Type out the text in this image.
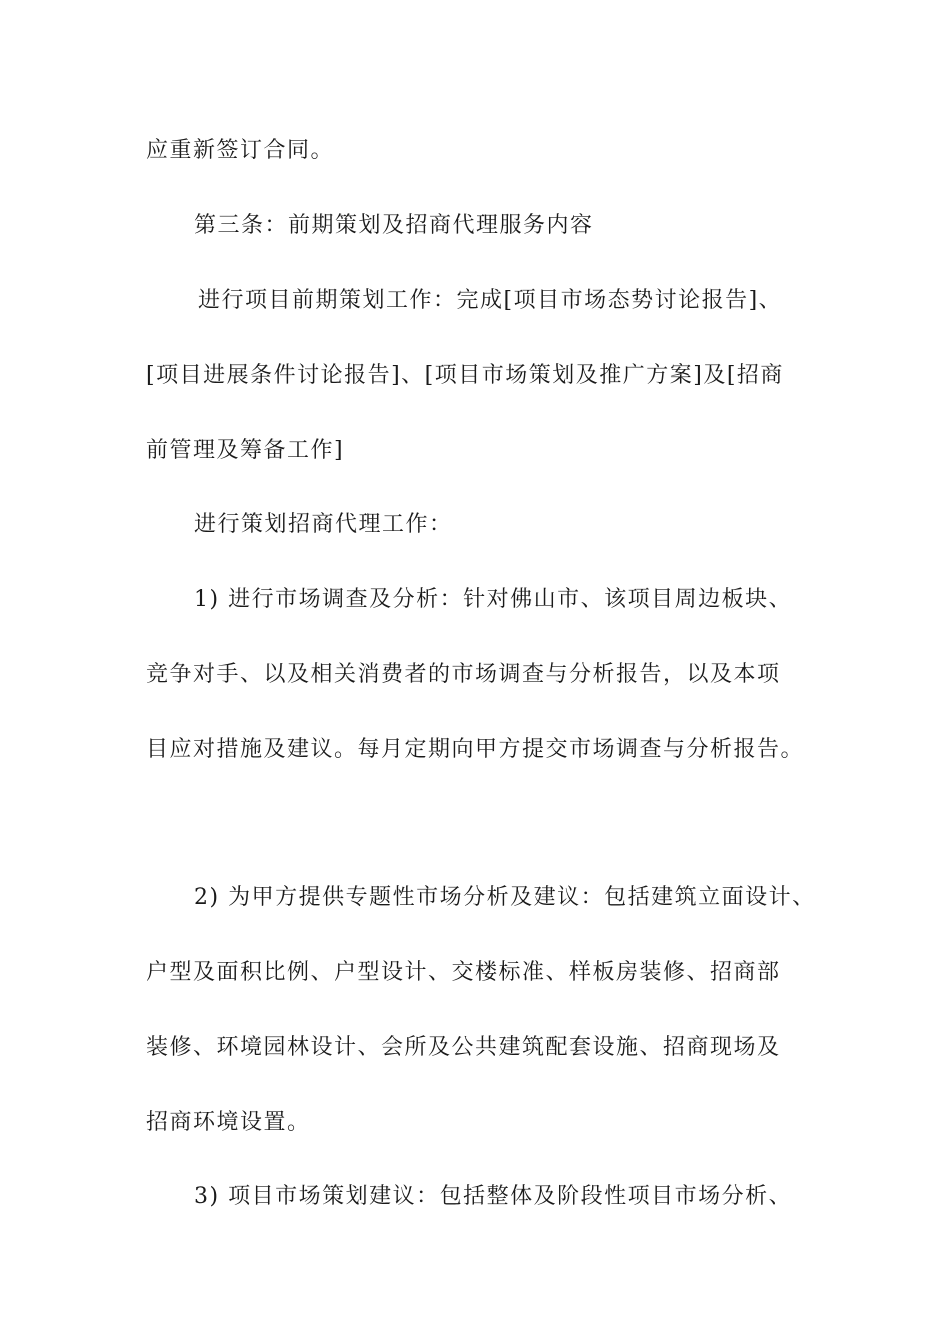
应重新签订合同。
第三条：前期策划及招商代理服务内容
进行项目前期策划工作：完成[项目市场态势讨论报告]、
[项目进展条件讨论报告]、[项目市场策划及推广方案]及[招商
前管理及筹备工作]
进行策划招商代理工作：
1) 进行市场调查及分析：针对佛山市、该项目周边板块、
竞争对手、以及相关消费者的市场调查与分析报告，以及本项
目应对措施及建议。每月定期向甲方提交市场调查与分析报告。
2) 为甲方提供专题性市场分析及建议：包括建筑立面设计、
户型及面积比例、户型设计、交楼标准、样板房装修、招商部
装修、环境园林设计、会所及公共建筑配套设施、招商现场及
招商环境设置。
3) 项目市场策划建议：包括整体及阶段性项目市场分析、
